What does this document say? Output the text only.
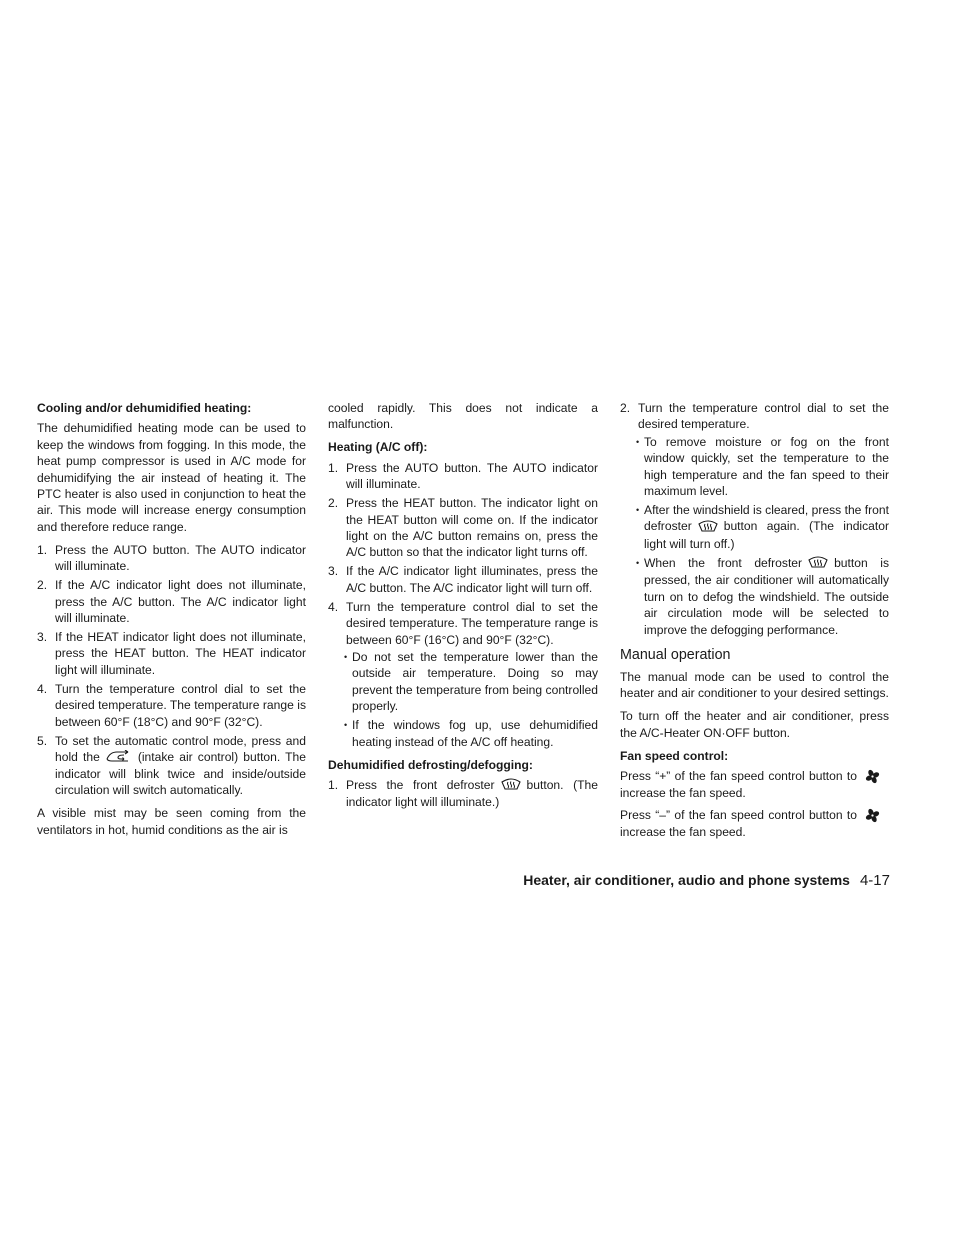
Cooling and/or dehumidified heating:

The dehumidified heating mode can be used to keep the windows from fogging. In this mode, the heat pump compressor is used in A/C mode for dehumidifying the air instead of heating it. The PTC heater is also used in conjunction to heat the air. This mode will increase energy consumption and therefore reduce range.

1. Press the AUTO button. The AUTO indicator will illuminate.
2. If the A/C indicator light does not illuminate, press the A/C button. The A/C indicator light will illuminate.
3. If the HEAT indicator light does not illuminate, press the HEAT button. The HEAT indicator light will illuminate.
4. Turn the temperature control dial to set the desired temperature. The temperature range is between 60°F (18°C) and 90°F (32°C).
5. To set the automatic control mode, press and hold the	(intake air control) button. The indicator will blink twice and inside/outside circulation will switch automatically.

A visible mist may be seen coming from the ventilators in hot, humid conditions as the air is

cooled rapidly. This does not indicate a malfunction.

Heating (A/C off):
1. Press the AUTO button. The AUTO indicator will illuminate.
2. Press the HEAT button. The indicator light on the HEAT button will come on. If the indicator light on the A/C button remains on, press the A/C button so that the indicator light turns off.
3. If the A/C indicator light illuminates, press the A/C button. The A/C indicator light will turn off.
4. Turn the temperature control dial to set the desired temperature. The temperature range is between 60°F (16°C) and 90°F (32°C).
• Do not set the temperature lower than the outside air temperature. Doing so may prevent the temperature from being controlled properly.
• If the windows fog up, use dehumidified heating instead of the A/C off heating.
Dehumidified defrosting/defogging:
1. Press the front defroster	button. (The indicator light will illuminate.)
2. Turn the temperature control dial to set the desired temperature.
• To remove moisture or fog on the front window quickly, set the temperature to the high temperature and the fan speed to their maximum level.
• After the windshield is cleared, press the front defroster	button again. (The indicator light will turn off.)
• When the front defroster	button is pressed, the air conditioner will automatically turn on to defog the windshield. The outside air circulation mode will be selected to improve the defogging performance.
Manual operation

The manual mode can be used to control the heater and air conditioner to your desired settings.

To turn off the heater and air conditioner, press the A/C-Heater ON·OFF button.

Fan speed control:

Press “+” of the fan speed control button to increase the fan speed.

Press “–” of the fan speed control button to increase the fan speed.

Heater, air conditioner, audio and phone systems 4-17
